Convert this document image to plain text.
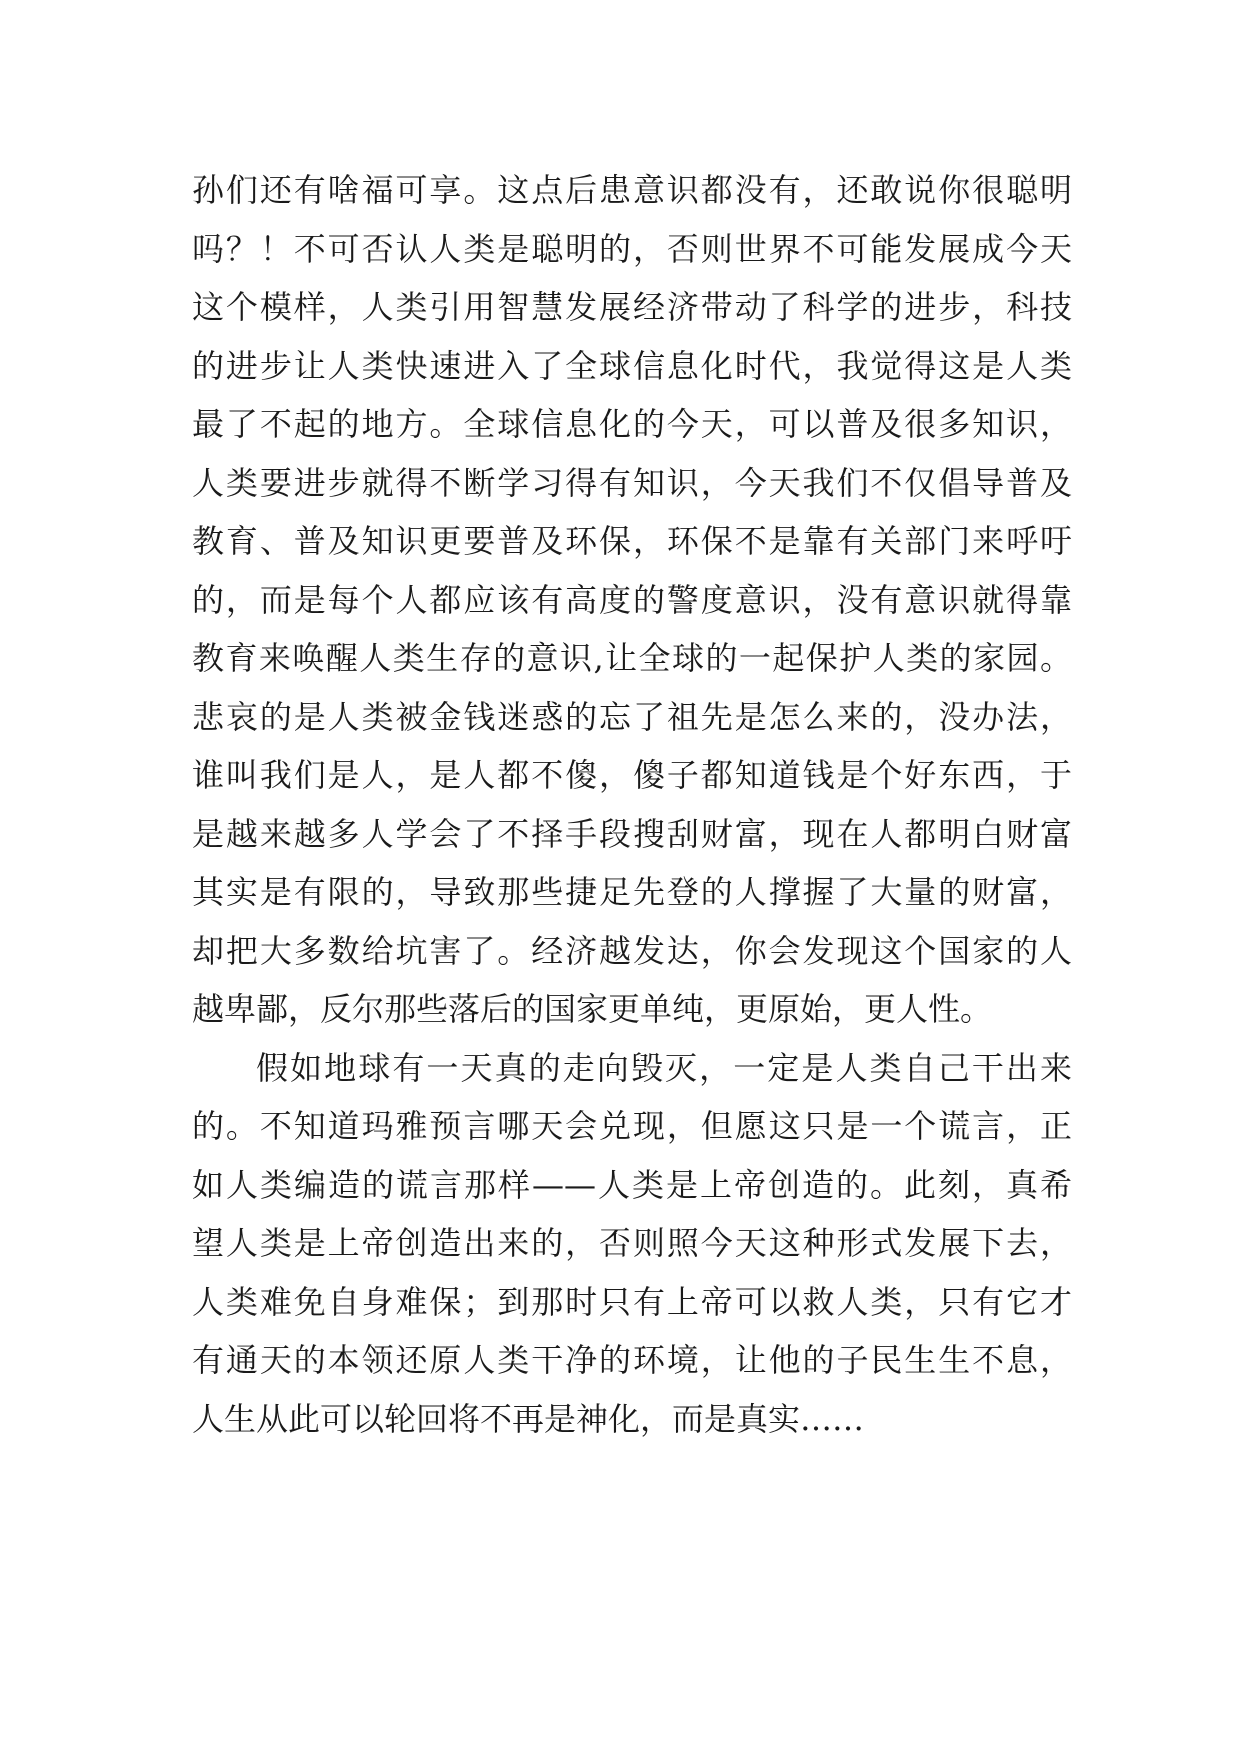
孙们还有啥福可享。这点后患意识都没有，还敢说你很聪明
吗？！不可否认人类是聪明的，否则世界不可能发展成今天
这个模样，人类引用智慧发展经济带动了科学的进步，科技
的进步让人类快速进入了全球信息化时代，我觉得这是人类
最了不起的地方。全球信息化的今天，可以普及很多知识，
人类要进步就得不断学习得有知识，今天我们不仅倡导普及
教育、普及知识更要普及环保，环保不是靠有关部门来呼吁
的，而是每个人都应该有高度的警度意识，没有意识就得靠
教育来唤醒人类生存的意识,让全球的一起保护人类的家园。
悲哀的是人类被金钱迷惑的忘了祖先是怎么来的，没办法，
谁叫我们是人，是人都不傻，傻子都知道钱是个好东西，于
是越来越多人学会了不择手段搜刮财富，现在人都明白财富
其实是有限的，导致那些捷足先登的人撑握了大量的财富，
却把大多数给坑害了。经济越发达，你会发现这个国家的人
越卑鄙，反尔那些落后的国家更单纯，更原始，更人性。
假如地球有一天真的走向毁灭，一定是人类自己干出来
的。不知道玛雅预言哪天会兑现，但愿这只是一个谎言，正
如人类编造的谎言那样——人类是上帝创造的。此刻，真希
望人类是上帝创造出来的，否则照今天这种形式发展下去，
人类难免自身难保；到那时只有上帝可以救人类，只有它才
有通天的本领还原人类干净的环境，让他的子民生生不息，
人生从此可以轮回将不再是神化，而是真实……
